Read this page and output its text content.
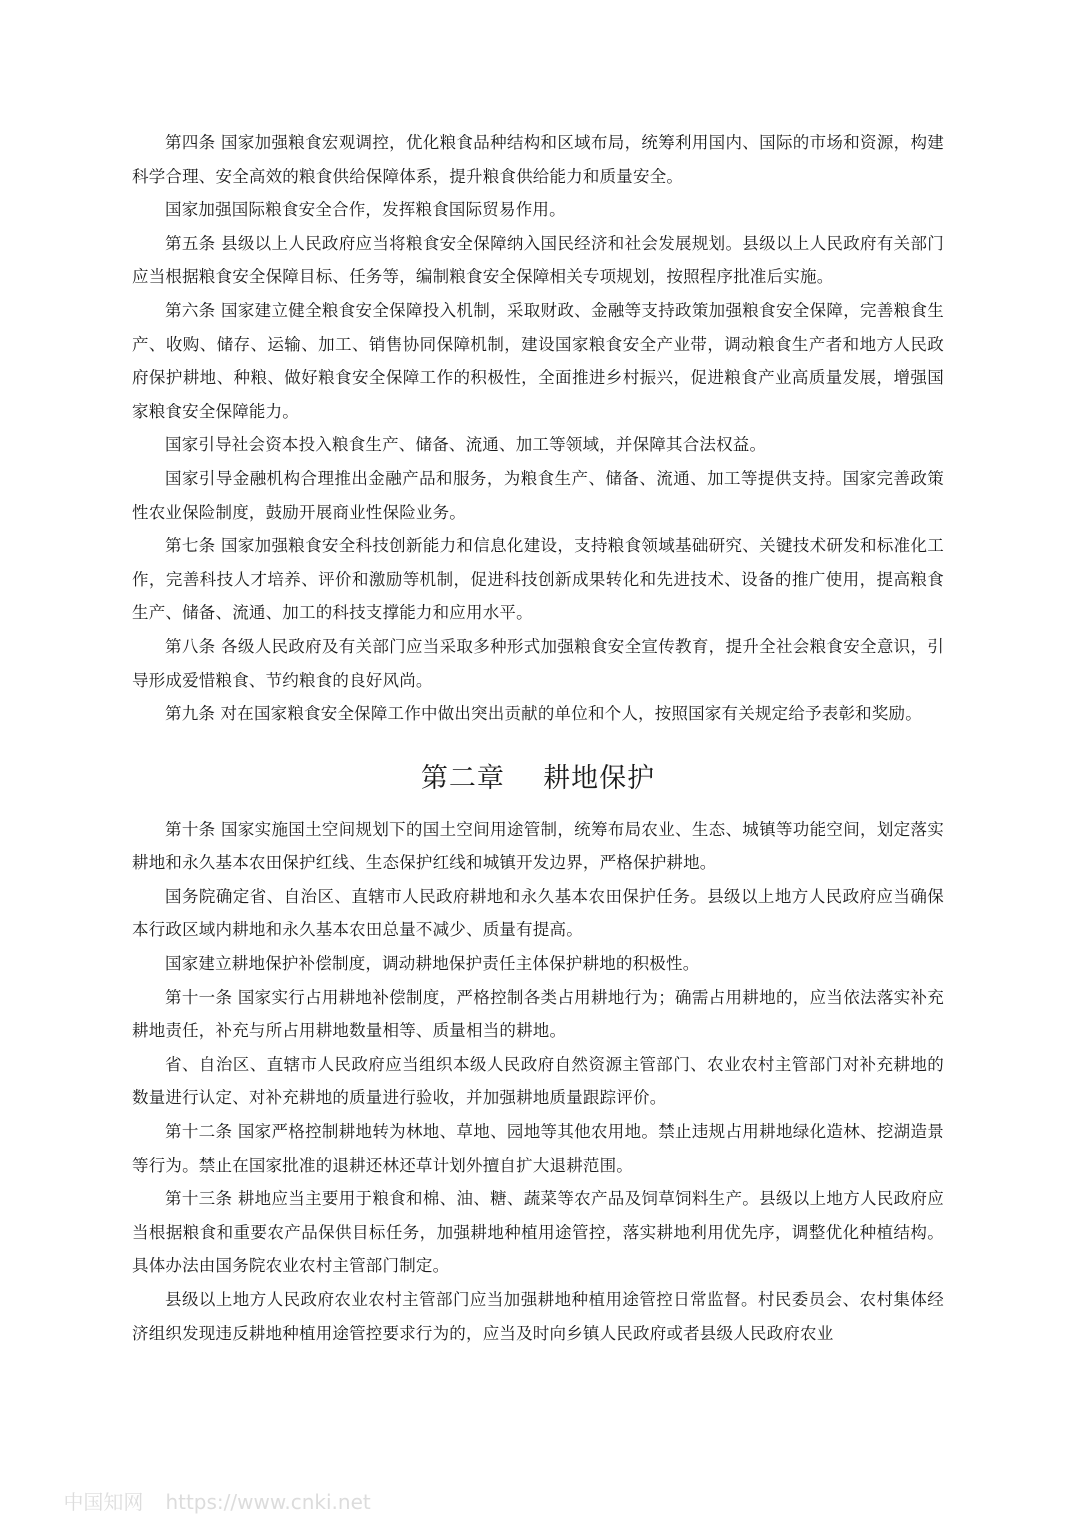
第四条 国家加强粮食宏观调控，优化粮食品种结构和区域布局，统筹利用国内、国际的市场和资源，构建科学合理、安全高效的粮食供给保障体系，提升粮食供给能力和质量安全。

国家加强国际粮食安全合作，发挥粮食国际贸易作用。

第五条 县级以上人民政府应当将粮食安全保障纳入国民经济和社会发展规划。县级以上人民政府有关部门应当根据粮食安全保障目标、任务等，编制粮食安全保障相关专项规划，按照程序批准后实施。

第六条 国家建立健全粮食安全保障投入机制，采取财政、金融等支持政策加强粮食安全保障，完善粮食生产、收购、储存、运输、加工、销售协同保障机制，建设国家粮食安全产业带，调动粮食生产者和地方人民政府保护耕地、种粮、做好粮食安全保障工作的积极性，全面推进乡村振兴，促进粮食产业高质量发展，增强国家粮食安全保障能力。

国家引导社会资本投入粮食生产、储备、流通、加工等领域，并保障其合法权益。

国家引导金融机构合理推出金融产品和服务，为粮食生产、储备、流通、加工等提供支持。国家完善政策性农业保险制度，鼓励开展商业性保险业务。

第七条 国家加强粮食安全科技创新能力和信息化建设，支持粮食领域基础研究、关键技术研发和标准化工作，完善科技人才培养、评价和激励等机制，促进科技创新成果转化和先进技术、设备的推广使用，提高粮食生产、储备、流通、加工的科技支撑能力和应用水平。

第八条 各级人民政府及有关部门应当采取多种形式加强粮食安全宣传教育，提升全社会粮食安全意识，引导形成爱惜粮食、节约粮食的良好风尚。

第九条 对在国家粮食安全保障工作中做出突出贡献的单位和个人，按照国家有关规定给予表彰和奖励。

第二章    耕地保护

第十条 国家实施国土空间规划下的国土空间用途管制，统筹布局农业、生态、城镇等功能空间，划定落实耕地和永久基本农田保护红线、生态保护红线和城镇开发边界，严格保护耕地。

国务院确定省、自治区、直辖市人民政府耕地和永久基本农田保护任务。县级以上地方人民政府应当确保本行政区域内耕地和永久基本农田总量不减少、质量有提高。

国家建立耕地保护补偿制度，调动耕地保护责任主体保护耕地的积极性。

第十一条 国家实行占用耕地补偿制度，严格控制各类占用耕地行为；确需占用耕地的，应当依法落实补充耕地责任，补充与所占用耕地数量相等、质量相当的耕地。

省、自治区、直辖市人民政府应当组织本级人民政府自然资源主管部门、农业农村主管部门对补充耕地的数量进行认定、对补充耕地的质量进行验收，并加强耕地质量跟踪评价。

第十二条 国家严格控制耕地转为林地、草地、园地等其他农用地。禁止违规占用耕地绿化造林、挖湖造景等行为。禁止在国家批准的退耕还林还草计划外擅自扩大退耕范围。

第十三条 耕地应当主要用于粮食和棉、油、糖、蔬菜等农产品及饲草饲料生产。县级以上地方人民政府应当根据粮食和重要农产品保供目标任务，加强耕地种植用途管控，落实耕地利用优先序，调整优化种植结构。具体办法由国务院农业农村主管部门制定。

县级以上地方人民政府农业农村主管部门应当加强耕地种植用途管控日常监督。村民委员会、农村集体经济组织发现违反耕地种植用途管控要求行为的，应当及时向乡镇人民政府或者县级人民政府农业

中国知网 https://www.cnki.net
